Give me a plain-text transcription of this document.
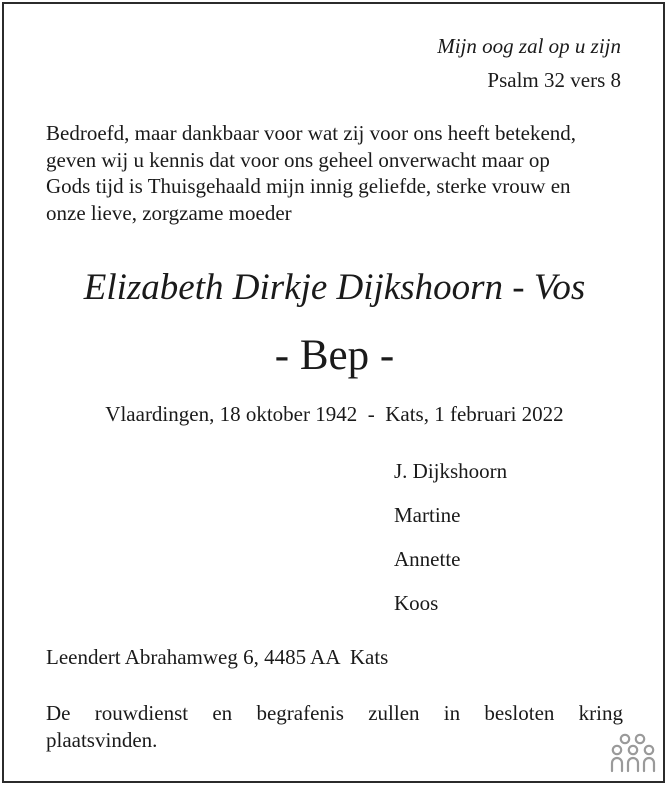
Mijn oog zal op u zijn
Psalm 32 vers 8
Bedroefd, maar dankbaar voor wat zij voor ons heeft betekend,
geven wij u kennis dat voor ons geheel onverwacht maar op
Gods tijd is Thuisgehaald mijn innig geliefde, sterke vrouw en
onze lieve, zorgzame moeder
Elizabeth Dirkje Dijkshoorn - Vos
- Bep -
Vlaardingen, 18 oktober 1942  -  Kats, 1 februari 2022
J. Dijkshoorn
Martine
Annette
Koos
Leendert Abrahamweg 6, 4485 AA  Kats
De rouwdienst en begrafenis zullen in besloten kring
plaatsvinden.
